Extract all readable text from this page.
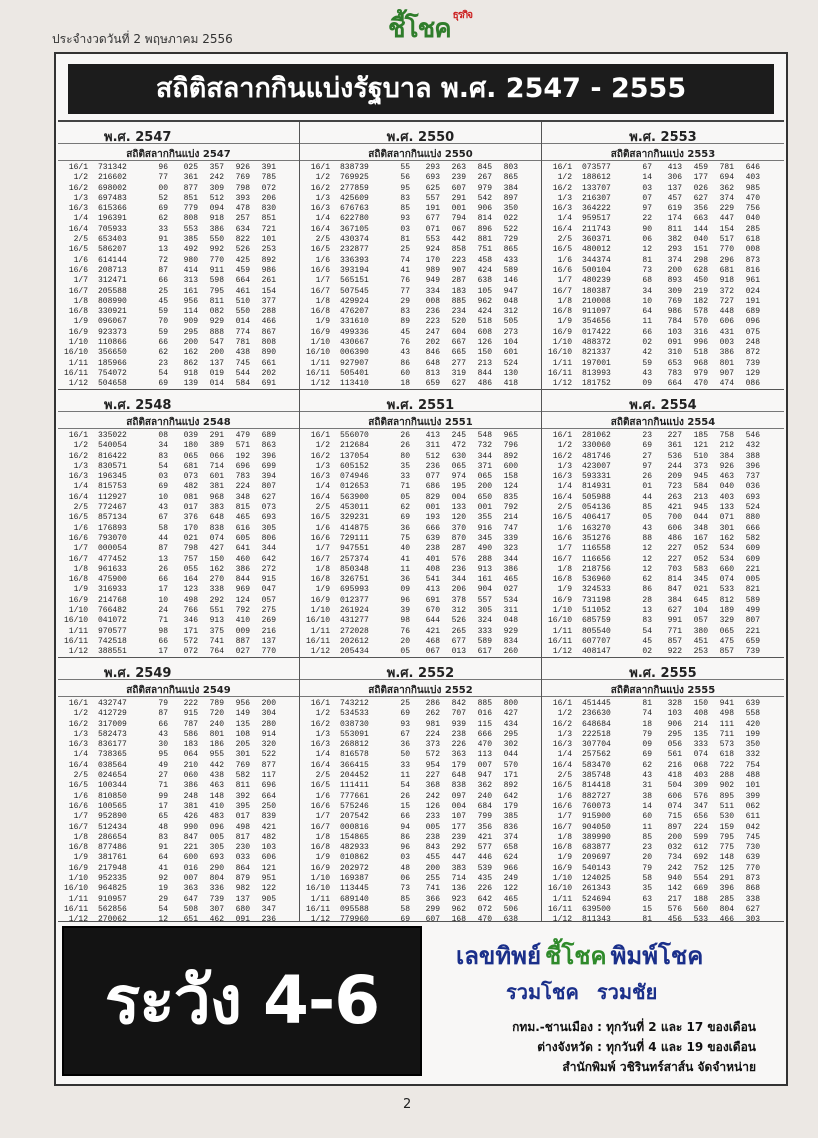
ประจำงวดวันที่ 2 พฤษภาคม 2556	ชี้โชค $^{ธุรกิจ}$
สถิติสลากกินแบ่งรัฐบาล พ.ศ. 2547 - 2555
พ.ศ. 2547
สถิติสลากกินแบ่ง 2547
16/1 731342	96	025	357	926	391
1/2 216602	77	361	242	769	785
16/2 698002	00	877	309	798	072
1/3 697483	52	851	512	393	206
16/3 615366	69	779	094	478	830
1/4 196391	62	808	918	257	851
16/4 705933	33	553	386	634	721
2/5 653403	91	385	550	822	101
16/5 586207	13	492	992	526	253
1/6 614144	72	980	770	425	892
16/6 208713	87	414	911	459	986
1/7 312471	66	313	598	664	261
16/7 205588	25	161	795	461	154
1/8 808990	45	956	811	510	377
16/8 330921	59	114	082	550	288
1/9 096067	70	909	929	014	466
16/9 923373	59	295	888	774	867
1/10 110866	66	200	547	781	808
16/10 356650	62	162	200	438	890
1/11 185966	23	862	137	745	661
16/11 754072	54	918	019	544	202
1/12 504658	69	139	014	584	691
พ.ศ. 2550
สถิติสลากกินแบ่ง 2550
16/1 838739	55	293	263	845	803
1/2 769925	56	693	239	267	865
16/2 277859	95	625	607	979	384
1/3 425609	83	557	291	542	897
16/3 676763	85	191	001	906	350
1/4 622780	93	677	794	814	022
16/4 367105	03	071	067	896	522
2/5 430374	81	553	442	881	729
16/5 232877	25	924	858	751	865
1/6 336393	74	170	223	458	433
16/6 393194	41	989	907	424	589
1/7 565151	76	949	287	638	146
16/7 507545	77	334	183	105	947
1/8 429924	29	008	885	962	048
16/8 476207	83	236	234	424	312
1/9 331610	89	223	520	518	505
16/9 499336	45	247	604	608	273
1/10 430667	76	202	667	126	104
16/10 006390	43	846	665	150	601
1/11 927907	86	648	277	213	524
16/11 505401	60	813	319	844	130
1/12 113410	18	659	627	486	418
พ.ศ. 2553
สถิติสลากกินแบ่ง 2553
16/1 073577	67	413	459	781	646
1/2 188612	14	306	177	694	403
16/2 133707	03	137	026	362	985
1/3 216307	07	457	627	374	470
16/3 364222	97	619	356	229	756
1/4 959517	22	174	663	447	040
16/4 211743	90	811	144	154	285
2/5 360371	06	382	040	517	618
16/5 480012	12	293	151	770	008
1/6 344374	81	374	298	296	873
16/6 500104	73	200	628	681	816
1/7 480239	68	893	450	918	961
16/7 180387	34	309	219	372	024
1/8 210008	10	769	182	727	191
16/8 911097	64	986	578	448	689
1/9 354656	11	784	570	606	096
16/9 017422	66	103	316	431	075
1/10 488372	02	091	996	003	248
16/10 821337	42	310	518	386	872
1/11 197001	59	653	968	801	739
16/11 813993	43	783	979	907	129
1/12 181752	09	664	470	474	086
พ.ศ. 2548
สถิติสลากกินแบ่ง 2548
16/1 335022	08	039	291	479	689
1/2 540054	34	180	389	571	863
16/2 816422	83	065	066	192	396
1/3 830571	54	681	714	696	699
16/3 196345	03	073	601	783	394
1/4 815753	69	482	381	224	807
16/4 112927	10	081	968	348	627
2/5 772467	43	017	383	815	073
16/5 857134	67	376	648	465	693
1/6 176893	58	170	838	616	305
16/6 793070	44	021	074	605	806
1/7 000054	87	798	427	641	344
16/7 477452	13	757	150	460	642
1/8 961633	26	055	162	386	272
16/8 475900	66	164	270	844	915
1/9 316933	17	123	338	969	047
16/9 214768	10	498	292	124	057
1/10 766482	24	766	551	792	275
16/10 041072	71	346	913	410	269
1/11 970577	98	171	375	009	216
16/11 742518	66	572	741	887	137
1/12 388551	17	072	764	027	770
พ.ศ. 2551
สถิติสลากกินแบ่ง 2551
16/1 556070	26	413	245	548	965
1/2 212684	26	311	472	732	796
16/2 137054	80	512	630	344	892
1/3 605152	35	236	065	371	600
16/3 074946	33	077	974	065	158
1/4 012653	71	686	195	200	124
16/4 563900	05	829	004	650	835
2/5 453011	62	001	133	001	792
16/5 329231	69	193	120	355	214
1/6 414875	36	666	370	916	747
16/6 729111	75	639	870	345	339
1/7 947551	40	238	287	490	323
16/7 257374	41	401	576	288	344
1/8 850348	11	408	236	913	386
16/8 326751	36	541	344	161	465
1/9 695993	09	413	206	904	027
16/9 012377	96	691	378	557	534
1/10 261924	39	670	312	305	311
16/10 431277	98	644	526	324	048
1/11 272028	76	421	265	333	929
16/11 202612	20	468	677	589	834
1/12 205434	05	067	013	617	260
พ.ศ. 2554
สถิติสลากกินแบ่ง 2554
16/1 281062	23	227	185	758	546
1/2 330060	69	361	121	212	432
16/2 481746	27	536	510	384	388
1/3 423007	97	244	373	926	396
16/3 593331	26	209	945	463	737
1/4 814931	01	723	584	040	036
16/4 505988	44	263	213	403	693
2/5 054136	85	421	945	133	524
16/5 406417	05	700	044	071	880
1/6 163270	43	606	348	301	666
16/6 351276	88	486	167	162	582
1/7 116558	12	227	052	534	609
16/7 116656	12	227	052	534	609
1/8 218756	12	703	583	660	221
16/8 536960	62	814	345	074	005
1/9 324533	86	847	021	533	821
16/9 731198	28	384	645	812	589
1/10 511052	13	627	104	189	499
16/10 685759	83	991	057	329	807
1/11 805540	54	771	380	065	221
16/11 607707	45	857	451	475	659
1/12 408147	02	922	253	857	739
พ.ศ. 2549
สถิติสลากกินแบ่ง 2549
16/1 432747	79	222	789	956	200
1/2 412729	87	915	720	149	304
16/2 317009	66	787	240	135	280
1/3 582473	43	586	801	108	914
16/3 836177	30	183	186	205	320
1/4 738365	95	064	955	301	522
16/4 038564	49	210	442	769	877
2/5 024654	27	060	438	582	117
16/5 100344	71	386	463	811	696
1/6 810850	99	248	148	392	664
16/6 100565	17	381	410	395	250
1/7 952890	65	426	483	017	839
16/7 512434	48	990	096	498	421
1/8 286654	83	847	005	817	482
16/8 877486	91	221	305	230	103
1/9 381761	64	600	693	033	606
16/9 217948	41	016	290	864	121
1/10 952335	92	007	804	879	951
16/10 964825	19	363	336	982	122
1/11 910957	29	647	739	137	905
16/11 562856	54	508	307	680	347
1/12 270062	12	651	462	091	236
พ.ศ. 2552
สถิติสลากกินแบ่ง 2552
16/1 743212	25	286	842	885	800
1/2 534533	69	262	707	016	427
16/2 038730	93	981	939	115	434
1/3 553091	67	224	238	666	295
16/3 268812	36	373	226	470	302
1/4 816578	50	572	363	113	044
16/4 366415	33	954	179	007	570
2/5 204452	11	227	648	947	171
16/5 111411	54	368	838	362	892
1/6 777661	26	242	097	240	642
16/6 575246	15	126	004	684	179
1/7 207542	66	233	107	799	385
16/7 000816	94	005	177	356	836
1/8 154865	86	238	239	421	374
16/8 482933	96	843	292	577	658
1/9 010862	03	455	447	446	624
16/9 202972	48	200	383	539	966
1/10 169387	06	255	714	435	249
16/10 113445	73	741	136	226	122
1/11 689140	85	366	923	642	465
16/11 095588	58	299	962	072	506
1/12 779960	69	607	168	470	638
พ.ศ. 2555
สถิติสลากกินแบ่ง 2555
16/1 451445	81	328	150	941	639
1/2 236630	74	103	408	498	558
16/2 648684	18	906	214	111	420
1/3 222518	79	295	135	711	199
16/3 307704	09	056	333	573	350
1/4 257562	69	561	074	618	332
16/4 583470	62	216	068	722	754
2/5 385748	43	418	403	288	488
16/5 814418	31	504	309	902	101
1/6 882727	38	606	576	895	399
16/6 760073	14	074	347	511	062
1/7 915900	60	715	656	530	611
16/7 904050	11	897	224	159	042
1/8 389990	85	200	599	795	745
16/8 683877	23	032	612	775	730
1/9 209697	20	734	692	148	639
16/9 540143	79	242	752	125	770
1/10 124025	58	940	554	291	873
16/10 261343	35	142	669	396	868
1/11 524694	63	217	188	285	338
16/11 639500	15	576	560	804	627
1/12 811343	81	456	533	466	303
ระวัง 4-6
เลขทิพย์ ชี้โชค พิมพ์โชค
รวมโชค รวมชัย
กทม.-ชานเมือง : ทุกวันที่ 2 และ 17 ของเดือน
ต่างจังหวัด : ทุกวันที่ 4 และ 19 ของเดือน
สำนักพิมพ์ วชิรินทร์สาส์น จัดจำหน่าย
2
